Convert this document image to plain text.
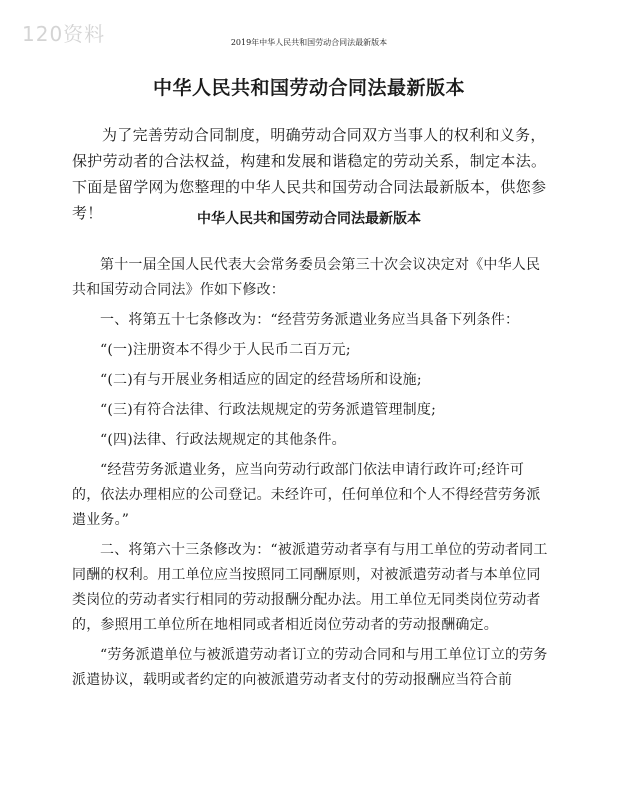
120资料	2019年中华人民共和国劳动合同法最新版本
中华人民共和国劳动合同法最新版本

为了完善劳动合同制度，明确劳动合同双方当事人的权利和义务，保护劳动者的合法权益，构建和发展和谐稳定的劳动关系，制定本法。下面是留学网为您整理的中华人民共和国劳动合同法最新版本，供您参考！	中华人民共和国劳动合同法最新版本

第十一届全国人民代表大会常务委员会第三十次会议决定对《中华人民共和国劳动合同法》作如下修改：

一、将第五十七条修改为：“经营劳务派遣业务应当具备下列条件：

“(一)注册资本不得少于人民币二百万元;

“(二)有与开展业务相适应的固定的经营场所和设施;

“(三)有符合法律、行政法规规定的劳务派遣管理制度;

“(四)法律、行政法规规定的其他条件。

“经营劳务派遣业务，应当向劳动行政部门依法申请行政许可;经许可的，依法办理相应的公司登记。未经许可，任何单位和个人不得经营劳务派遣业务。”

二、将第六十三条修改为：“被派遣劳动者享有与用工单位的劳动者同工同酬的权利。用工单位应当按照同工同酬原则，对被派遣劳动者与本单位同类岗位的劳动者实行相同的劳动报酬分配办法。用工单位无同类岗位劳动者的，参照用工单位所在地相同或者相近岗位劳动者的劳动报酬确定。

“劳务派遣单位与被派遣劳动者订立的劳动合同和与用工单位订立的劳务派遣协议，载明或者约定的向被派遣劳动者支付的劳动报酬应当符合前
